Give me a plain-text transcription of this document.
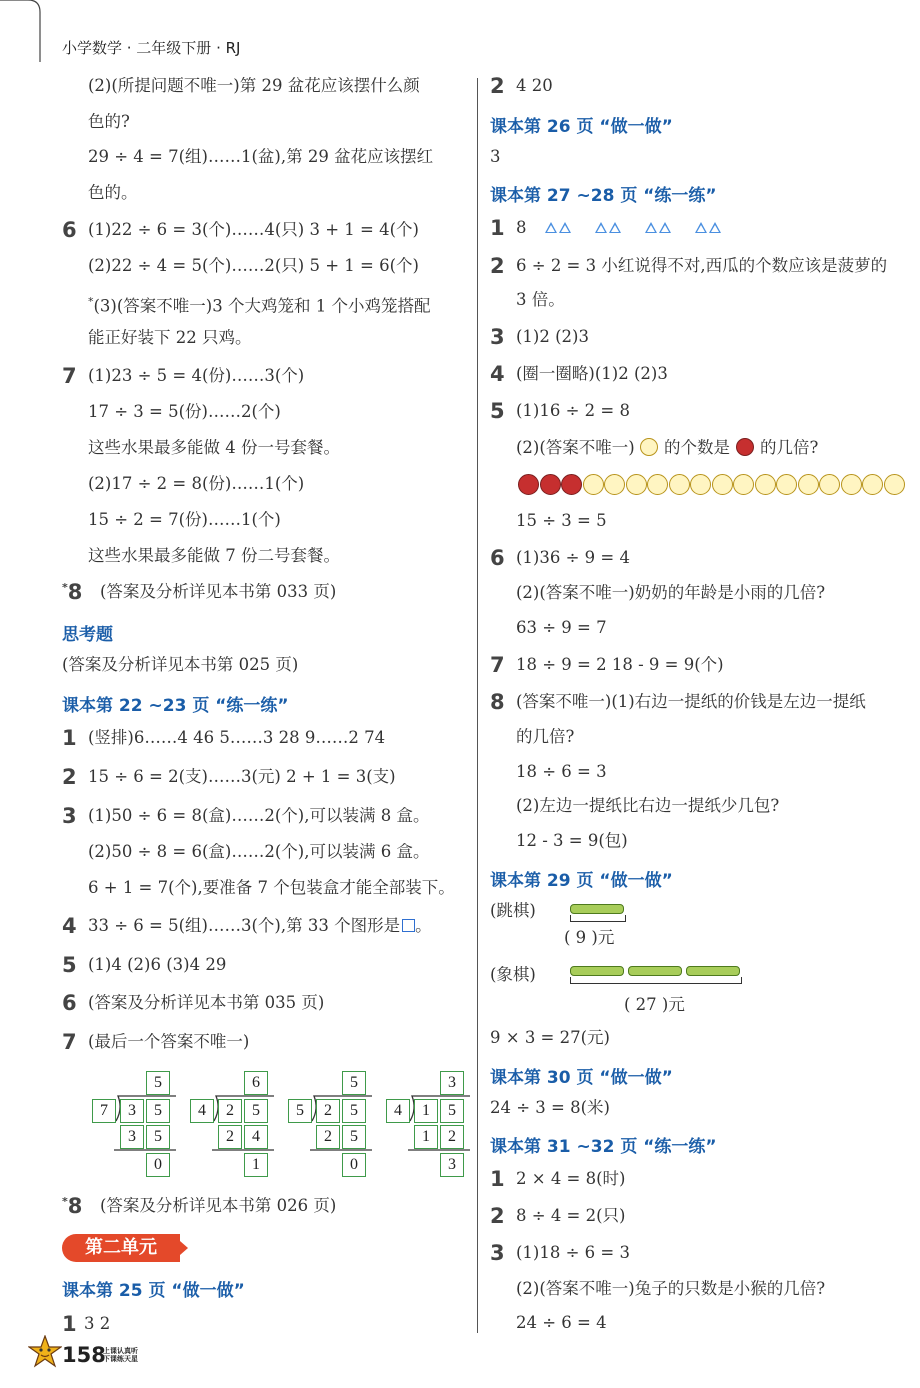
小学数学 · 二年级下册 · RJ
(2)(所提问题不唯一)第 29 盆花应该摆什么颜
色的?
29 ÷ 4 = 7(组)……1(盆),第 29 盆花应该摆红
色的。
6 (1)22 ÷ 6 = 3(个)……4(只) 3 + 1 = 4(个)
(2)22 ÷ 4 = 5(个)……2(只) 5 + 1 = 6(个)
*(3)(答案不唯一)3 个大鸡笼和 1 个小鸡笼搭配
能正好装下 22 只鸡。
7 (1)23 ÷ 5 = 4(份)……3(个)
17 ÷ 3 = 5(份)……2(个)
这些水果最多能做 4 份一号套餐。
(2)17 ÷ 2 = 8(份)……1(个)
15 ÷ 2 = 7(份)……1(个)
这些水果最多能做 7 份二号套餐。
*8 (答案及分析详见本书第 033 页)
思考题
(答案及分析详见本书第 025 页)
课本第 22 ~23 页 “练一练”
1 (竖排)6……4 46 5……3 28 9……2 74
2 15 ÷ 6 = 2(支)……3(元) 2 + 1 = 3(支)
3 (1)50 ÷ 6 = 8(盒)……2(个),可以装满 8 盒。
(2)50 ÷ 8 = 6(盒)……2(个),可以装满 6 盒。
6 + 1 = 7(个),要准备 7 个包装盒才能全部装下。
4 33 ÷ 6 = 5(组)……3(个),第 33 个图形是 。
5 (1)4 (2)6 (3)4 29
6 (答案及分析详见本书第 035 页)
7 (最后一个答案不唯一)
*8 (答案及分析详见本书第 026 页)
课本第 25 页 “做一做”
1 3 2
2 4 20
课本第 26 页 “做一做”
3
课本第 27 ~28 页 “练一练”
1 8
2 6 ÷ 2 = 3 小红说得不对,西瓜的个数应该是菠萝的
3 倍。
3 (1)2 (2)3
4 (圈一圈略)(1)2 (2)3
5 (1)16 ÷ 2 = 8
(2)(答案不唯一) 的个数是 的几倍?
15 ÷ 3 = 5
6 (1)36 ÷ 9 = 4
(2)(答案不唯一)奶奶的年龄是小雨的几倍?
63 ÷ 9 = 7
7 18 ÷ 9 = 2 18 - 9 = 9(个)
8 (答案不唯一)(1)右边一提纸的价钱是左边一提纸
的几倍?
18 ÷ 6 = 3
(2)左边一提纸比右边一提纸少几包?
12 - 3 = 9(包)
课本第 29 页 “做一做”
(跳棋)
( 9 )元
(象棋)
( 27 )元
9 × 3 = 27(元)
课本第 30 页 “做一做”
24 ÷ 3 = 8(米)
课本第 31 ~32 页 “练一练”
1 2 × 4 = 8(时)
2 8 ÷ 4 = 2(只)
3 (1)18 ÷ 6 = 3
(2)(答案不唯一)兔子的只数是小猴的几倍?
24 ÷ 6 = 4
5
7	3	5
3	5
0
6
4	2	5
2	4
1
5
5	2	5
2	5
0
3
4	1	5
1	2
3
第二单元
158
上课认真听
下课练天星
